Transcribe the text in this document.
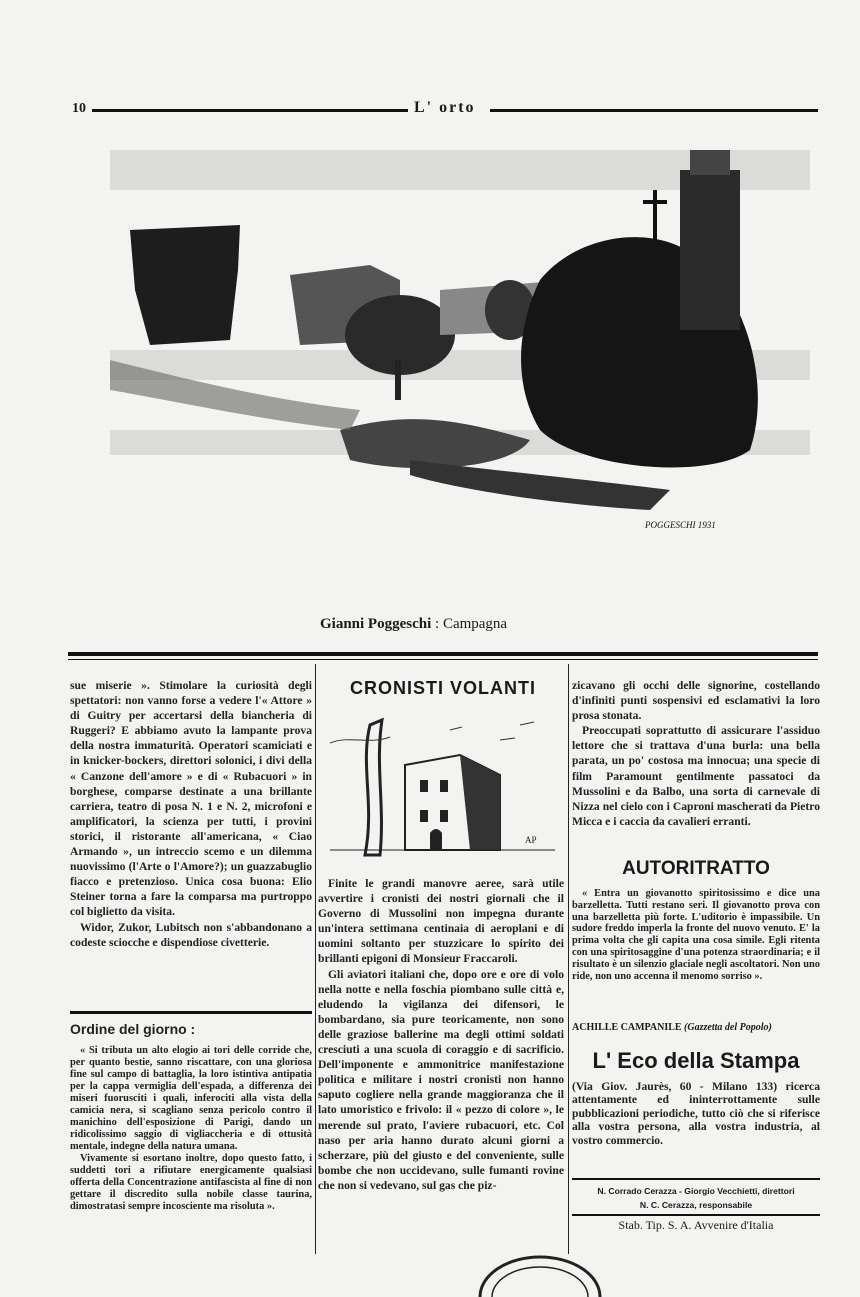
10	L' orto
POGGESCHI 1931
Gianni Poggeschi : Campagna

sue miserie ». Stimolare la curiosità degli spettatori: non vanno forse a vedere l'« Attore » di Guitry per accertarsi della biancheria di Ruggeri? E abbiamo avuto la lampante prova della nostra immaturità. Operatori scamiciati e in knicker-bockers, direttori solonici, i divi della « Canzone dell'amore » e di « Rubacuori » in borghese, comparse destinate a una brillante carriera, teatro di posa N. 1 e N. 2, microfoni e amplificatori, la scienza per tutti, i provini storici, il ristorante all'americana, « Ciao Armando », un intreccio scemo e un dilemma nuovissimo (l'Arte o l'Amore?); un guazzabuglio fiacco e pretenzioso. Unica cosa buona: Elio Steiner torna a fare la comparsa ma purtroppo col biglietto da visita.

Widor, Zukor, Lubitsch non s'abbandonano a codeste sciocche e dispendiose civetterie.

Ordine del giorno :

« Si tributa un alto elogio ai tori delle corride che, per quanto bestie, sanno riscattare, con una gloriosa fine sul campo di battaglia, la loro istintiva antipatia per la cappa vermiglia dell'espada, a differenza dei miseri fuorusciti i quali, inferociti alla vista della camicia nera, si scagliano senza pericolo contro il manichino dell'esposizione di Parigi, dando un ridicolissimo saggio di vigliaccheria e di ottusità mentale, indegne della natura umana.

Vivamente si esortano inoltre, dopo questo fatto, i suddetti tori a rifiutare energicamente qualsiasi offerta della Concentrazione antifascista al fine di non gettare il discredito sulla nobile classe taurina, dimostratasi sempre incosciente ma risoluta ».

CRONISTI VOLANTI
AP

Finite le grandi manovre aeree, sarà utile avvertire i cronisti dei nostri giornali che il Governo di Mussolini non impegna durante un'intera settimana centinaia di aeroplani e di uomini soltanto per stuzzicare lo spirito dei brillanti epigoni di Monsieur Fraccaroli.

Gli aviatori italiani che, dopo ore e ore di volo nella notte e nella foschia piombano sulle città e, eludendo la vigilanza dei difensori, le bombardano, sia pure teoricamente, non sono delle graziose ballerine ma degli ottimi soldati cresciuti a una scuola di coraggio e di sacrificio. Dell'imponente e ammonitrice manifestazione politica e militare i nostri cronisti non hanno saputo cogliere nella grande maggioranza che il lato umoristico e frivolo: il « pezzo di colore », le merende sul prato, l'aviere rubacuori, etc. Col naso per aria hanno durato alcuni giorni a scherzare, più del giusto e del conveniente, sulle bombe che non uccidevano, sulle fumanti rovine che non si vedevano, sul gas che piz-

zicavano gli occhi delle signorine, costellando d'infiniti punti sospensivi ed esclamativi la loro prosa stonata.

Preoccupati soprattutto di assicurare l'assiduo lettore che si trattava d'una burla: una bella parata, un po' costosa ma innocua; una specie di film Paramount gentilmente passatoci da Mussolini e da Balbo, una sorta di carnevale di Nizza nel cielo con i Caproni mascherati da Pietro Micca e i caccia da cavalieri erranti.

AUTORITRATTO

« Entra un giovanotto spiritosissimo e dice una barzelletta. Tutti restano seri. Il giovanotto prova con una barzelletta più forte. L'uditorio è impassibile. Un sudore freddo imperla la fronte del nuovo venuto. E' la prima volta che gli capita una cosa simile. Egli ritenta con una spiritosaggine d'una potenza straordinaria; e il risultato è un silenzio glaciale negli ascoltatori. Non uno ride, non uno accenna il menomo sorriso ».

ACHILLE CAMPANILE (Gazzetta del Popolo)
L' Eco della Stampa

(Via Giov. Jaurès, 60 - Milano 133) ricerca attentamente ed ininterrottamente sulle pubblicazioni periodiche, tutto ciò che si riferisce alla vostra persona, alla vostra industria, al vostro commercio.

N. Corrado Cerazza - Giorgio Vecchietti, direttori
N. C. Cerazza, responsabile
Stab. Tip. S. A. Avvenire d'Italia
